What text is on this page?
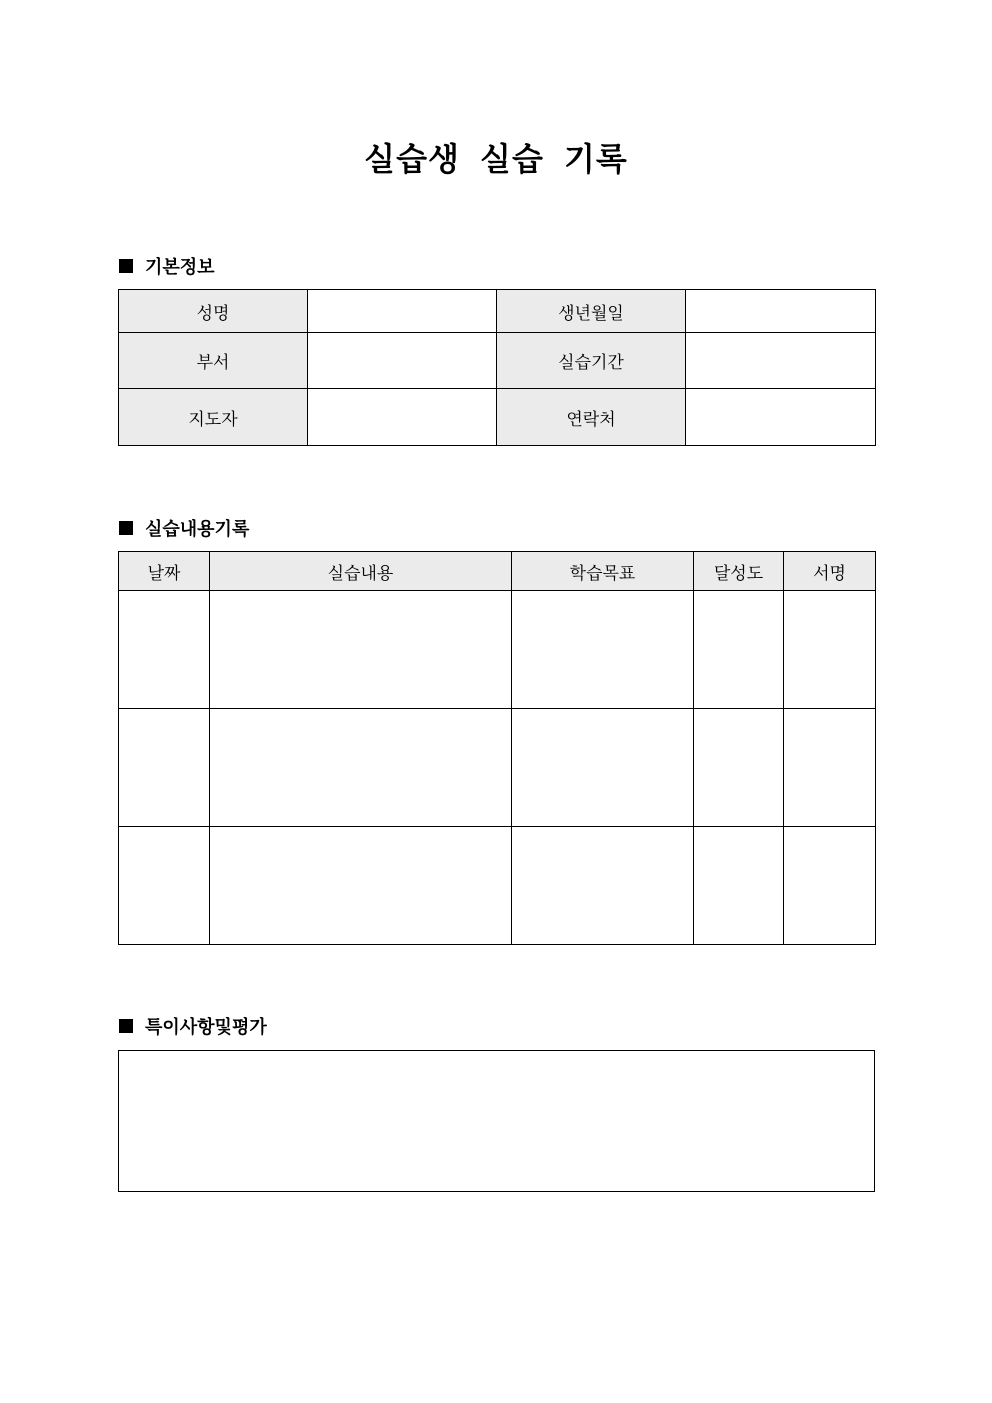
실습생 실습 기록
기본정보
성명		생년월일	
부서		실습기간	
지도자		연락처	
실습내용기록
날짜	실습내용	학습목표	달성도	서명

특이사항및평가
